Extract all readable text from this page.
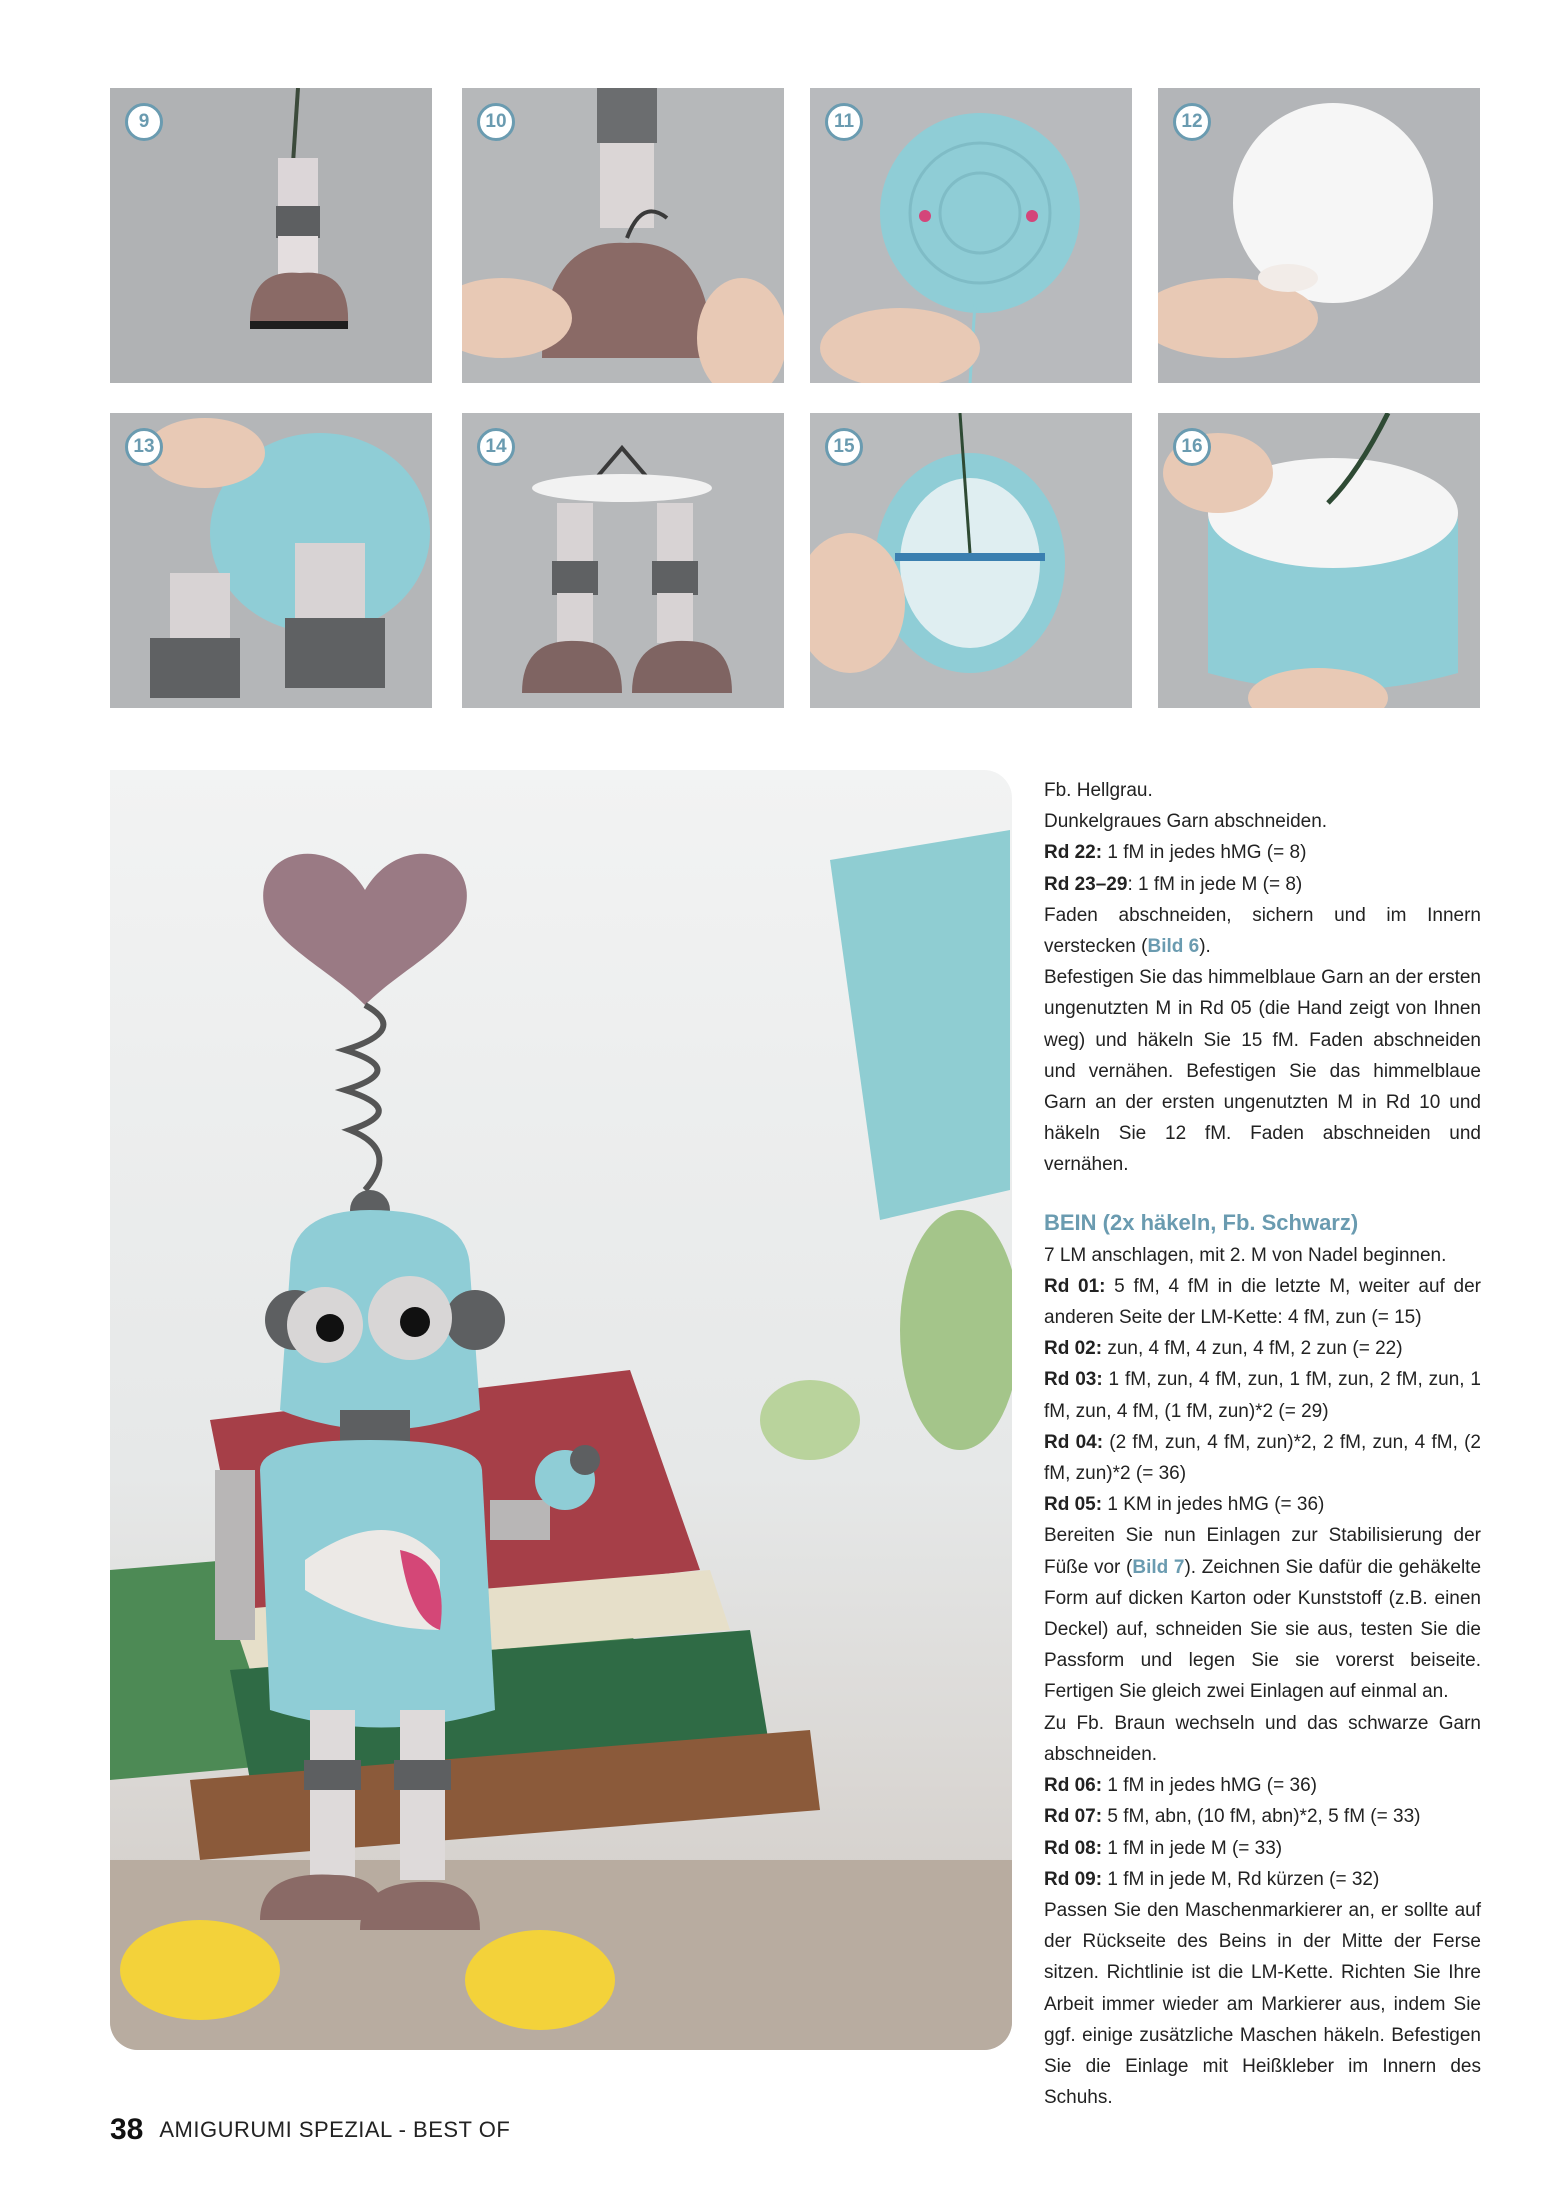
9	10	11	12
13	14	15	16

Fb. Hellgrau.

Dunkelgraues Garn abschneiden.

Rd 22: 1 fM in jedes hMG (= 8)

Rd 23–29: 1 fM in jede M (= 8)

Faden abschneiden, sichern und im Innern verstecken (Bild 6).

Befestigen Sie das himmelblaue Garn an der ersten ungenutzten M in Rd 05 (die Hand zeigt von Ihnen weg) und häkeln Sie 15 fM. Faden abschneiden und vernähen. Befestigen Sie das himmelblaue Garn an der ersten ungenutzten M in Rd 10 und häkeln Sie 12 fM. Faden abschneiden und vernähen.

BEIN (2x häkeln, Fb. Schwarz)

7 LM anschlagen, mit 2. M von Nadel beginnen.

Rd 01: 5 fM, 4 fM in die letzte M, weiter auf der anderen Seite der LM-Kette: 4 fM, zun (= 15)

Rd 02: zun, 4 fM, 4 zun, 4 fM, 2 zun (= 22)

Rd 03: 1 fM, zun, 4 fM, zun, 1 fM, zun, 2 fM, zun, 1 fM, zun, 4 fM, (1 fM, zun)*2 (= 29)

Rd 04: (2 fM, zun, 4 fM, zun)*2, 2 fM, zun, 4 fM, (2 fM, zun)*2 (= 36)

Rd 05: 1 KM in jedes hMG (= 36)

Bereiten Sie nun Einlagen zur Stabilisierung der Füße vor (Bild 7). Zeichnen Sie dafür die gehäkelte Form auf dicken Karton oder Kunststoff (z.B. einen Deckel) auf, schneiden Sie sie aus, testen Sie die Passform und legen Sie sie vorerst beiseite. Fertigen Sie gleich zwei Einlagen auf einmal an.

Zu Fb. Braun wechseln und das schwarze Garn abschneiden.

Rd 06: 1 fM in jedes hMG (= 36)

Rd 07: 5 fM, abn, (10 fM, abn)*2, 5 fM (= 33)

Rd 08: 1 fM in jede M (= 33)

Rd 09: 1 fM in jede M, Rd kürzen (= 32)

Passen Sie den Maschenmarkierer an, er sollte auf der Rückseite des Beins in der Mitte der Ferse sitzen. Richtlinie ist die LM-Kette. Richten Sie Ihre Arbeit immer wieder am Markierer aus, indem Sie ggf. einige zusätzliche Maschen häkeln. Befestigen Sie die Einlage mit Heißkleber im Innern des Schuhs.

38 AMIGURUMI SPEZIAL - BEST OF
